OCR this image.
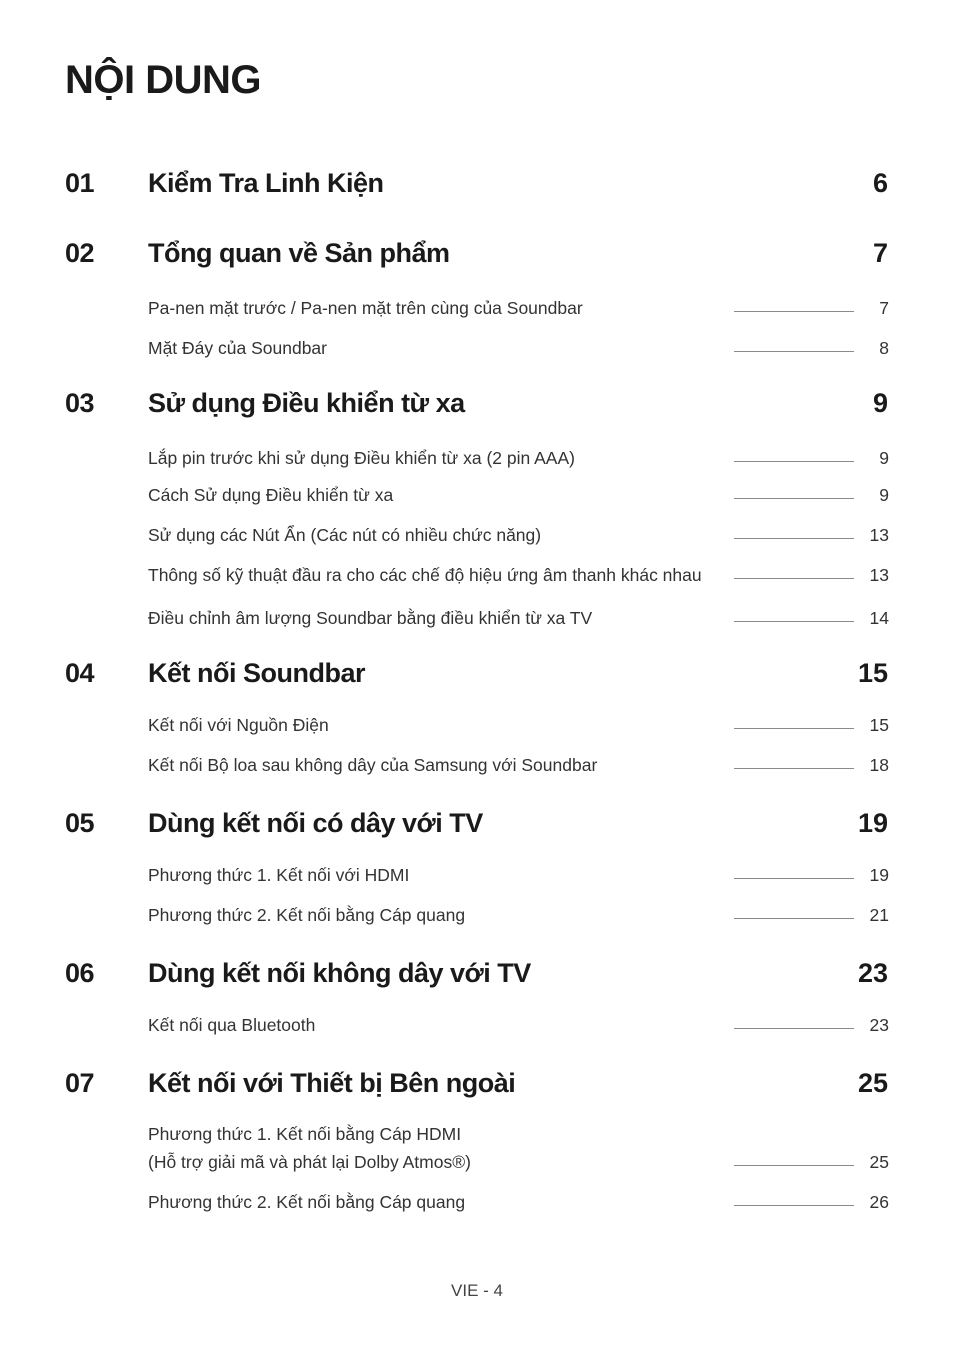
NỘI DUNG
01 Kiểm Tra Linh Kiện	6
02 Tổng quan về Sản phẩm	7
Pa-nen mặt trước / Pa-nen mặt trên cùng của Soundbar	7
Mặt Đáy của Soundbar	8
03 Sử dụng Điều khiển từ xa	9
Lắp pin trước khi sử dụng Điều khiển từ xa (2 pin AAA)	9
Cách Sử dụng Điều khiển từ xa	9
Sử dụng các Nút Ẩn (Các nút có nhiều chức năng)	13
Thông số kỹ thuật đầu ra cho các chế độ hiệu ứng âm thanh khác nhau	13
Điều chỉnh âm lượng Soundbar bằng điều khiển từ xa TV	14
04 Kết nối Soundbar	15
Kết nối với Nguồn Điện	15
Kết nối Bộ loa sau không dây của Samsung với Soundbar	18
05 Dùng kết nối có dây với TV	19
Phương thức 1. Kết nối với HDMI	19
Phương thức 2. Kết nối bằng Cáp quang	21
06 Dùng kết nối không dây với TV	23
Kết nối qua Bluetooth	23
07 Kết nối với Thiết bị Bên ngoài	25
Phương thức 1. Kết nối bằng Cáp HDMI
(Hỗ trợ giải mã và phát lại Dolby Atmos®)	25
Phương thức 2. Kết nối bằng Cáp quang	26
VIE - 4
